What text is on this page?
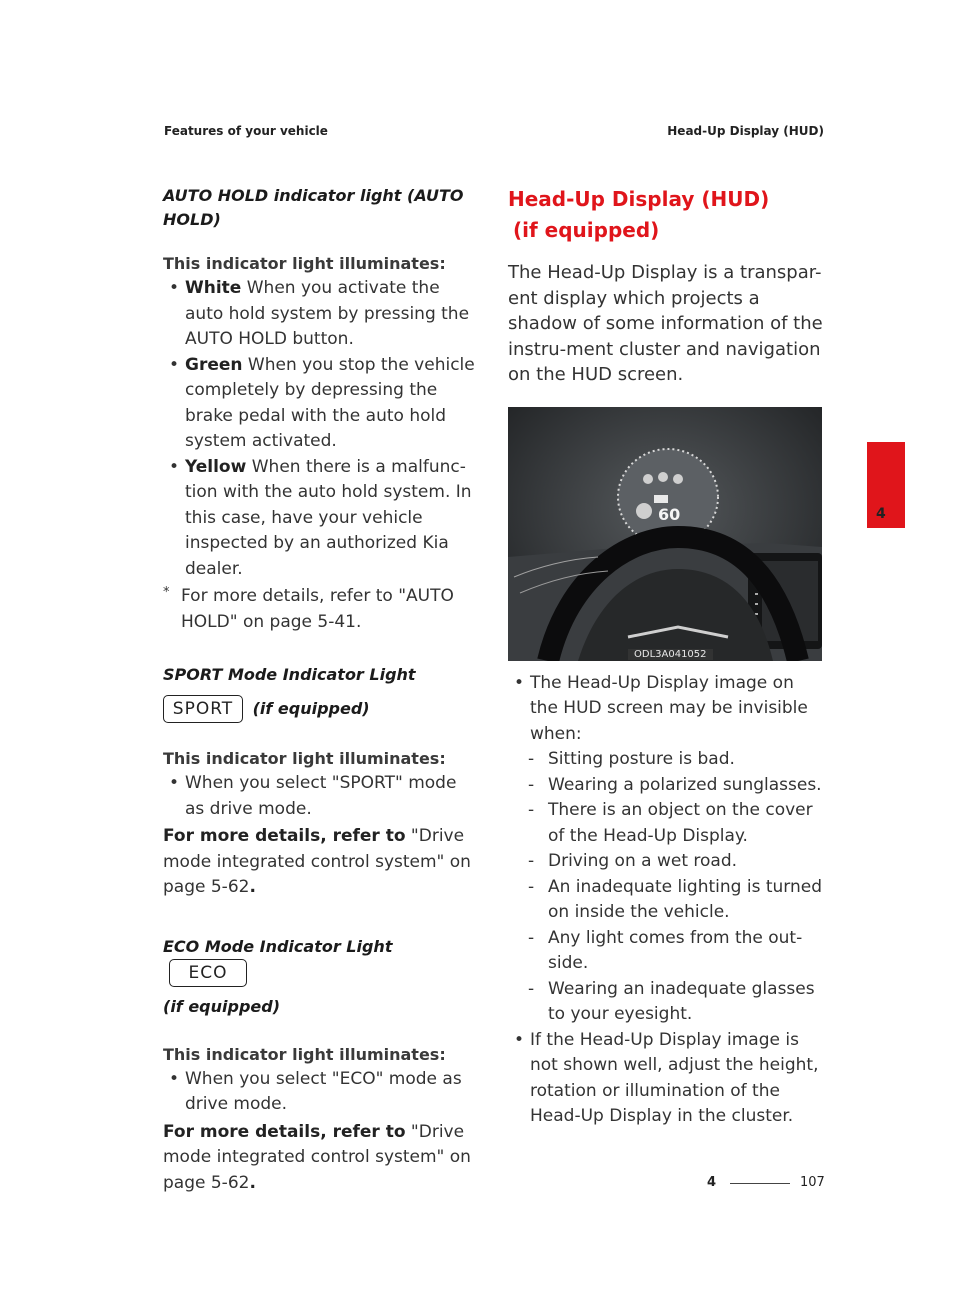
Features of your vehicle	Head-Up Display (HUD)
4
AUTO HOLD indicator light (AUTO HOLD)
This indicator light illuminates:
• White When you activate the auto hold system by pressing the AUTO HOLD button.
• Green When you stop the vehicle completely by depressing the brake pedal with the auto hold system activated.
• Yellow When there is a malfunc-tion with the auto hold system. In this case, have your vehicle inspected by an authorized Kia dealer.
* For more details, refer to "AUTO HOLD" on page 5-41.
SPORT Mode Indicator Light
SPORT (if equipped)
This indicator light illuminates:
• When you select "SPORT" mode as drive mode.
For more details, refer to "Drive mode integrated control system" on page 5-62.
ECO Mode Indicator Light ECO
(if equipped)
This indicator light illuminates:
• When you select "ECO" mode as drive mode.
For more details, refer to "Drive mode integrated control system" on page 5-62.
Head-Up Display (HUD)
(if equipped)
The Head-Up Display is a transpar-ent display which projects a shadow of some information of the instru-ment cluster and navigation on the HUD screen.
60
ODL3A041052
• The Head-Up Display image on the HUD screen may be invisible when:
- Sitting posture is bad.
- Wearing a polarized sunglasses.
- There is an object on the cover of the Head-Up Display.
- Driving on a wet road.
- An inadequate lighting is turned on inside the vehicle.
- Any light comes from the out-side.
- Wearing an inadequate glasses to your eyesight.
• If the Head-Up Display image is not shown well, adjust the height, rotation or illumination of the Head-Up Display in the cluster.
4	107
